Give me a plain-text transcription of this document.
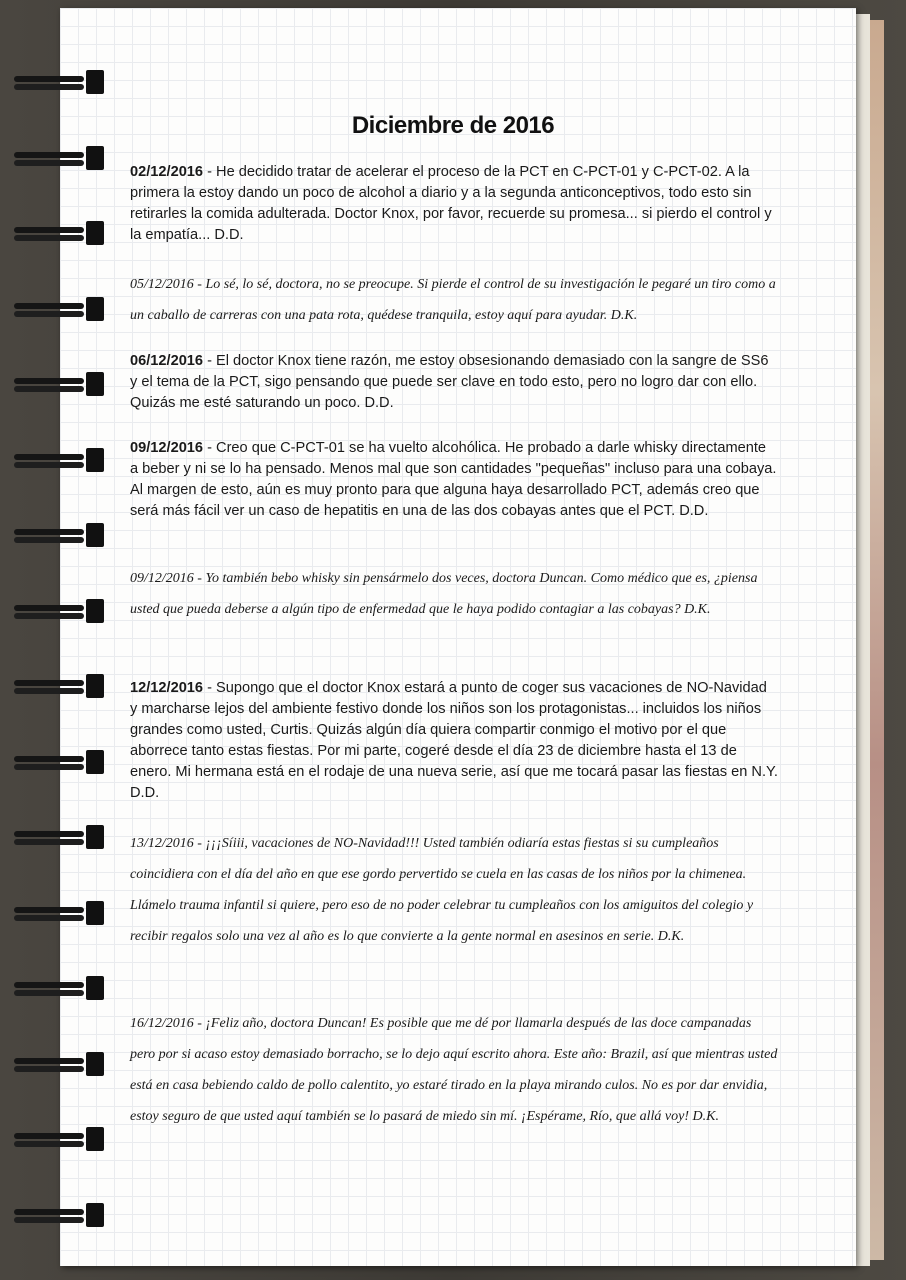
Diciembre de 2016
02/12/2016 - He decidido tratar de acelerar el proceso de la PCT en C-PCT-01 y C-PCT-02. A la primera la estoy dando un poco de alcohol a diario y a la segunda anticonceptivos, todo esto sin retirarles la comida adulterada. Doctor Knox, por favor, recuerde su promesa... si pierdo el control y la empatía... D.D.
05/12/2016 - Lo sé, lo sé, doctora, no se preocupe. Si pierde el control de su investigación le pegaré un tiro como a un caballo de carreras con una pata rota, quédese tranquila, estoy aquí para ayudar. D.K.
06/12/2016 - El doctor Knox tiene razón, me estoy obsesionando demasiado con la sangre de SS6 y el tema de la PCT, sigo pensando que puede ser clave en todo esto, pero no logro dar con ello. Quizás me esté saturando un poco. D.D.
09/12/2016 - Creo que C-PCT-01 se ha vuelto alcohólica. He probado a darle whisky directamente a beber y ni se lo ha pensado. Menos mal que son cantidades "pequeñas" incluso para una cobaya. Al margen de esto, aún es muy pronto para que alguna haya desarrollado PCT, además creo que será más fácil ver un caso de hepatitis en una de las dos cobayas antes que el PCT. D.D.
09/12/2016 - Yo también bebo whisky sin pensármelo dos veces, doctora Duncan. Como médico que es, ¿piensa usted que pueda deberse a algún tipo de enfermedad que le haya podido contagiar a las cobayas? D.K.
12/12/2016 - Supongo que el doctor Knox estará a punto de coger sus vacaciones de NO-Navidad y marcharse lejos del ambiente festivo donde los niños son los protagonistas... incluidos los niños grandes como usted, Curtis. Quizás algún día quiera compartir conmigo el motivo por el que aborrece tanto estas fiestas. Por mi parte, cogeré desde el día 23 de diciembre hasta el 13 de enero. Mi hermana está en el rodaje de una nueva serie, así que me tocará pasar las fiestas en N.Y. D.D.
13/12/2016 - ¡¡¡Síiii, vacaciones de NO-Navidad!!! Usted también odiaría estas fiestas si su cumpleaños coincidiera con el día del año en que ese gordo pervertido se cuela en las casas de los niños por la chimenea. Llámelo trauma infantil si quiere, pero eso de no poder celebrar tu cumpleaños con los amiguitos del colegio y recibir regalos solo una vez al año es lo que convierte a la gente normal en asesinos en serie. D.K.
16/12/2016 - ¡Feliz año, doctora Duncan! Es posible que me dé por llamarla después de las doce campanadas pero por si acaso estoy demasiado borracho, se lo dejo aquí escrito ahora. Este año: Brazil, así que mientras usted está en casa bebiendo caldo de pollo calentito, yo estaré tirado en la playa mirando culos. No es por dar envidia, estoy seguro de que usted aquí también se lo pasará de miedo sin mí. ¡Espérame, Río, que allá voy! D.K.
